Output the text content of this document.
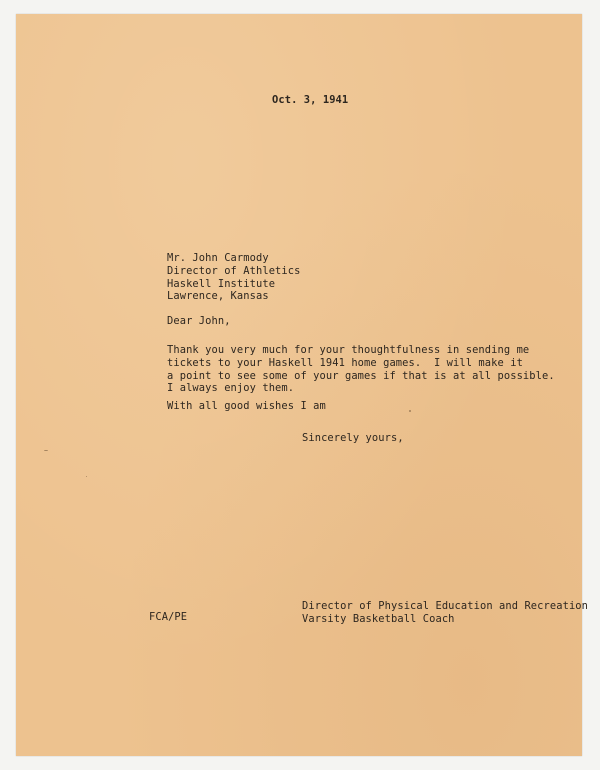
Oct. 3, 1941
Mr. John Carmody
Director of Athletics
Haskell Institute
Lawrence, Kansas
Dear John,
Thank you very much for your thoughtfulness in sending me
tickets to your Haskell 1941 home games.  I will make it
a point to see some of your games if that is at all possible.
I always enjoy them.
With all good wishes I am
Sincerely yours,
FCA/PE
Director of Physical Education and Recreation
Varsity Basketball Coach
